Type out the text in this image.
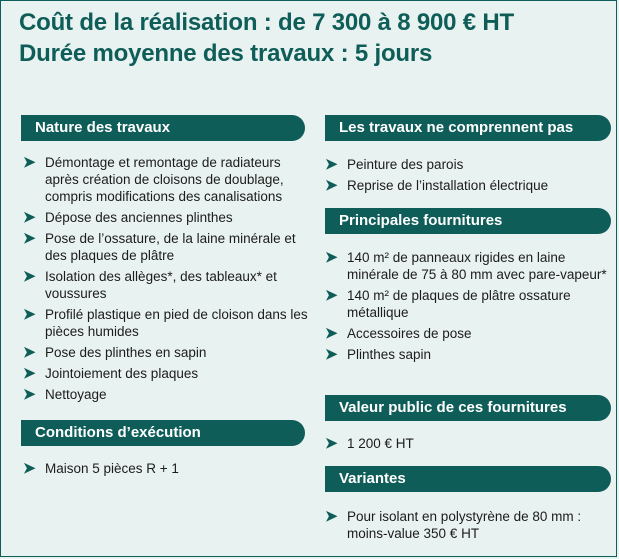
Coût de la réalisation : de 7 300 à 8 900 € HT
Durée moyenne des travaux : 5 jours
Nature des travaux
➤ Démontage et remontage de radiateurs après création de cloisons de doublage, compris modifications des canalisations
➤ Dépose des anciennes plinthes
➤ Pose de l’ossature, de la laine minérale et des plaques de plâtre
➤ Isolation des allèges*, des tableaux* et voussures
➤ Profilé plastique en pied de cloison dans les pièces humides
➤ Pose des plinthes en sapin
➤ Jointoiement des plaques
➤ Nettoyage
Conditions d’exécution
➤ Maison 5 pièces R + 1
Les travaux ne comprennent pas
➤ Peinture des parois
➤ Reprise de l’installation électrique
Principales fournitures
➤ 140 m² de panneaux rigides en laine minérale de 75 à 80 mm avec pare-vapeur*
➤ 140 m² de plaques de plâtre ossature métallique
➤ Accessoires de pose
➤ Plinthes sapin
Valeur public de ces fournitures
➤ 1 200 € HT
Variantes
➤ Pour isolant en polystyrène de 80 mm : moins-value 350 € HT
